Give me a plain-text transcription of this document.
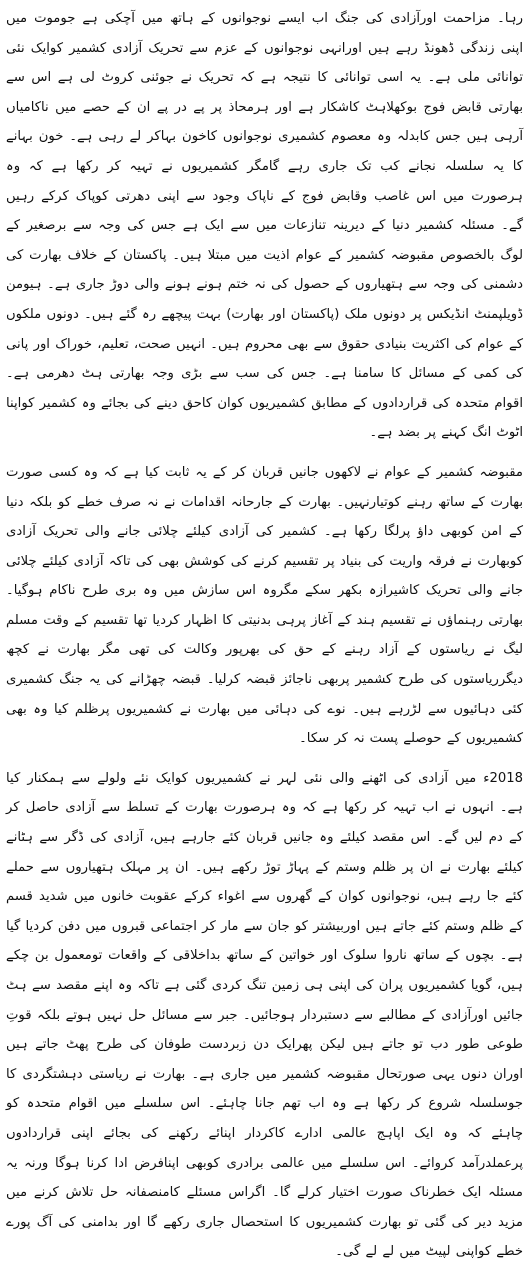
رہا۔ مزاحمت اورآزادی کی جنگ اب ایسے نوجوانوں کے ہاتھ میں آچکی ہے جوموت میں اپنی زندگی ڈھونڈ رہے ہیں اورانہی نوجوانوں کے عزم سے تحریک آزادی کشمیر کوایک نئی توانائی ملی ہے۔ یہ اسی توانائی کا نتیجہ ہے کہ تحریک نے جوئنی کروٹ لی ہے اس سے بھارتی قابض فوج بوکھلاہٹ کاشکار ہے اور ہرمحاذ پر پے در پے ان کے حصے میں ناکامیاں آرہی ہیں جس کابدلہ وہ معصوم کشمیری نوجوانوں کاخون بہاکر لے رہی ہے۔ خون بہانے کا یہ سلسلہ نجانے کب تک جاری رہے گامگر کشمیریوں نے تہیہ کر رکھا ہے کہ وہ ہرصورت میں اس غاصب وقابض فوج کے ناپاک وجود سے اپنی دھرتی کوپاک کرکے رہیں گے۔ مسئلہ کشمیر دنیا کے دیرینہ تنازعات میں سے ایک ہے جس کی وجہ سے برصغیر کے لوگ بالخصوص مقبوضہ کشمیر کے عوام اذیت میں مبتلا ہیں۔ پاکستان کے خلاف بھارت کی دشمنی کی وجہ سے ہتھیاروں کے حصول کی نہ ختم ہونے ہونے والی دوڑ جاری ہے۔ ہیومن ڈویلپمنٹ انڈیکس پر دونوں ملک (پاکستان اور بھارت) بہت پیچھے رہ گئے ہیں۔ دونوں ملکوں کے عوام کی اکثریت بنیادی حقوق سے بھی محروم ہیں۔ انہیں صحت، تعلیم، خوراک اور پانی کی کمی کے مسائل کا سامنا ہے۔ جس کی سب سے بڑی وجہ بھارتی ہٹ دھرمی ہے۔ اقوام متحدہ کی قراردادوں کے مطابق کشمیریوں کوان کاحق دینے کی بجائے وہ کشمیر کواپنا اٹوٹ انگ کہنے پر بضد ہے۔

مقبوضہ کشمیر کے عوام نے لاکھوں جانیں قربان کر کے یہ ثابت کیا ہے کہ وہ کسی صورت بھارت کے ساتھ رہنے کوتیارنہیں۔ بھارت کے جارحانہ اقدامات نے نہ صرف خطے کو بلکہ دنیا کے امن کوبھی داؤ پرلگا رکھا ہے۔ کشمیر کی آزادی کیلئے چلائی جانے والی تحریک آزادی کوبھارت نے فرقہ واریت کی بنیاد پر تقسیم کرنے کی کوشش بھی کی تاکہ آزادی کیلئے چلائی جانے والی تحریک کاشیرازہ بکھر سکے مگروہ اس سازش میں وہ بری طرح ناکام ہوگیا۔ بھارتی رہنماؤں نے تقسیم ہند کے آغاز پرہی بدنیتی کا اظہار کردیا تھا تقسیم کے وقت مسلم لیگ نے ریاستوں کے آزاد رہنے کے حق کی بھرپور وکالت کی تھی مگر بھارت نے کچھ دیگرریاستوں کی طرح کشمیر پربھی ناجائز قبضہ کرلیا۔ قبضہ چھڑانے کی یہ جنگ کشمیری کئی دہائیوں سے لڑرہے ہیں۔ نوے کی دہائی میں بھارت نے کشمیریوں پرظلم کیا وہ بھی کشمیریوں کے حوصلے پست نہ کر سکا۔

2018ء میں آزادی کی اٹھنے والی نئی لہر نے کشمیریوں کوایک نئے ولولے سے ہمکنار کیا ہے۔ انہوں نے اب تہیہ کر رکھا ہے کہ وہ ہرصورت بھارت کے تسلط سے آزادی حاصل کر کے دم لیں گے۔ اس مقصد کیلئے وہ جانیں قربان کئے جارہے ہیں، آزادی کی ڈگر سے ہٹانے کیلئے بھارت نے ان پر ظلم وستم کے پہاڑ توڑ رکھے ہیں۔ ان پر مہلک ہتھیاروں سے حملے کئے جا رہے ہیں، نوجوانوں کوان کے گھروں سے اغواء کرکے عقوبت خانوں میں شدید قسم کے ظلم وستم کئے جاتے ہیں اوربیشتر کو جان سے مار کر اجتماعی قبروں میں دفن کردیا گیا ہے۔ بچوں کے ساتھ ناروا سلوک اور خواتین کے ساتھ بداخلاقی کے واقعات تومعمول بن چکے ہیں، گویا کشمیریوں پران کی اپنی ہی زمین تنگ کردی گئی ہے تاکہ وہ اپنے مقصد سے ہٹ جائیں اورآزادی کے مطالبے سے دستبردار ہوجائیں۔ جبر سے مسائل حل نہیں ہوتے بلکہ قوتِ طوعی طور دب تو جاتے ہیں لیکن پھرایک دن زبردست طوفان کی طرح پھٹ جاتے ہیں اوران دنوں یہی صورتحال مقبوضہ کشمیر میں جاری ہے۔ بھارت نے ریاستی دہشتگردی کا جوسلسلہ شروع کر رکھا ہے وہ اب تھم جانا چاہئے۔ اس سلسلے میں اقوام متحدہ کو چاہئے کہ وہ ایک اپاہج عالمی ادارے کاکردار اپنائے رکھنے کی بجائے اپنی قراردادوں پرعملدرآمد کروائے۔ اس سلسلے میں عالمی برادری کوبھی اپنافرض ادا کرنا ہوگا ورنہ یہ مسئلہ ایک خطرناک صورت اختیار کرلے گا۔ اگراس مسئلے کامنصفانہ حل تلاش کرنے میں مزید دیر کی گئی تو بھارت کشمیریوں کا استحصال جاری رکھے گا اور بدامنی کی آگ پورے خطے کواپنی لپیٹ میں لے لے گی۔
